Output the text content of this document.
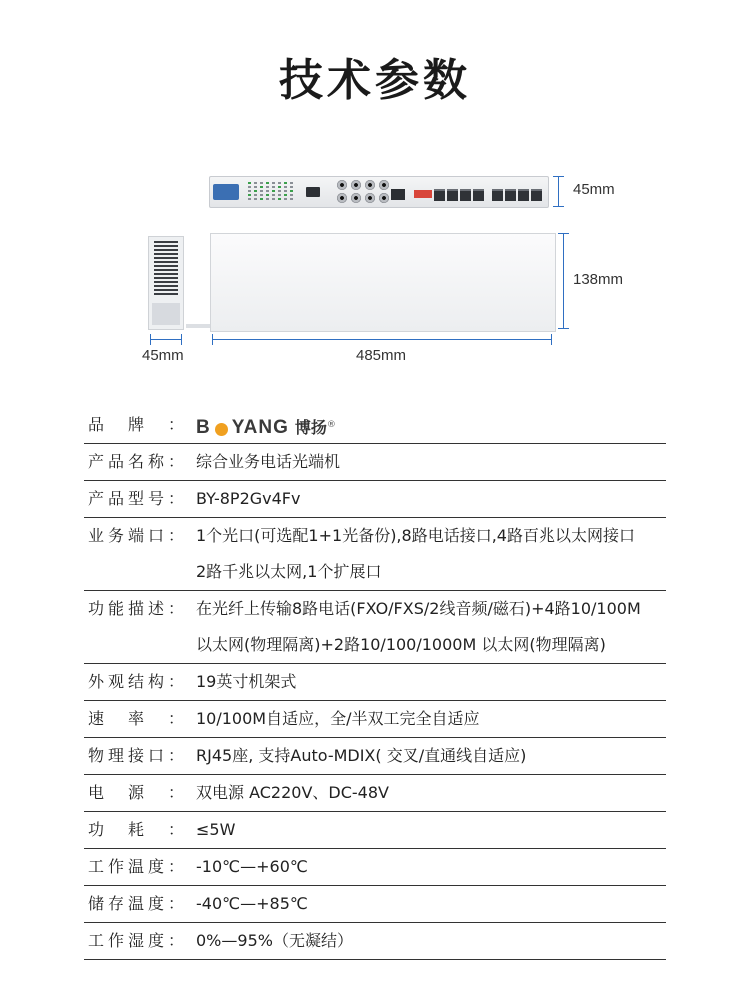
技术参数
45mm
138mm
45mm	485mm
品牌： B YANG 博扬®
产品名称： 综合业务电话光端机
产品型号： BY-8P2Gv4Fv
业务端口： 1个光口(可选配1+1光备份),8路电话接口,4路百兆以太网接口
2路千兆以太网,1个扩展口
功能描述： 在光纤上传输8路电话(FXO/FXS/2线音频/磁石)+4路10/100M
以太网(物理隔离)+2路10/100/1000M 以太网(物理隔离)
外观结构： 19英寸机架式
速率： 10/100M自适应，全/半双工完全自适应
物理接口： RJ45座, 支持Auto-MDIX( 交叉/直通线自适应)
电源： 双电源 AC220V、DC-48V
功耗： ≤5W
工作温度： -10℃—+60℃
储存温度： -40℃—+85℃
工作湿度： 0%—95%（无凝结）
